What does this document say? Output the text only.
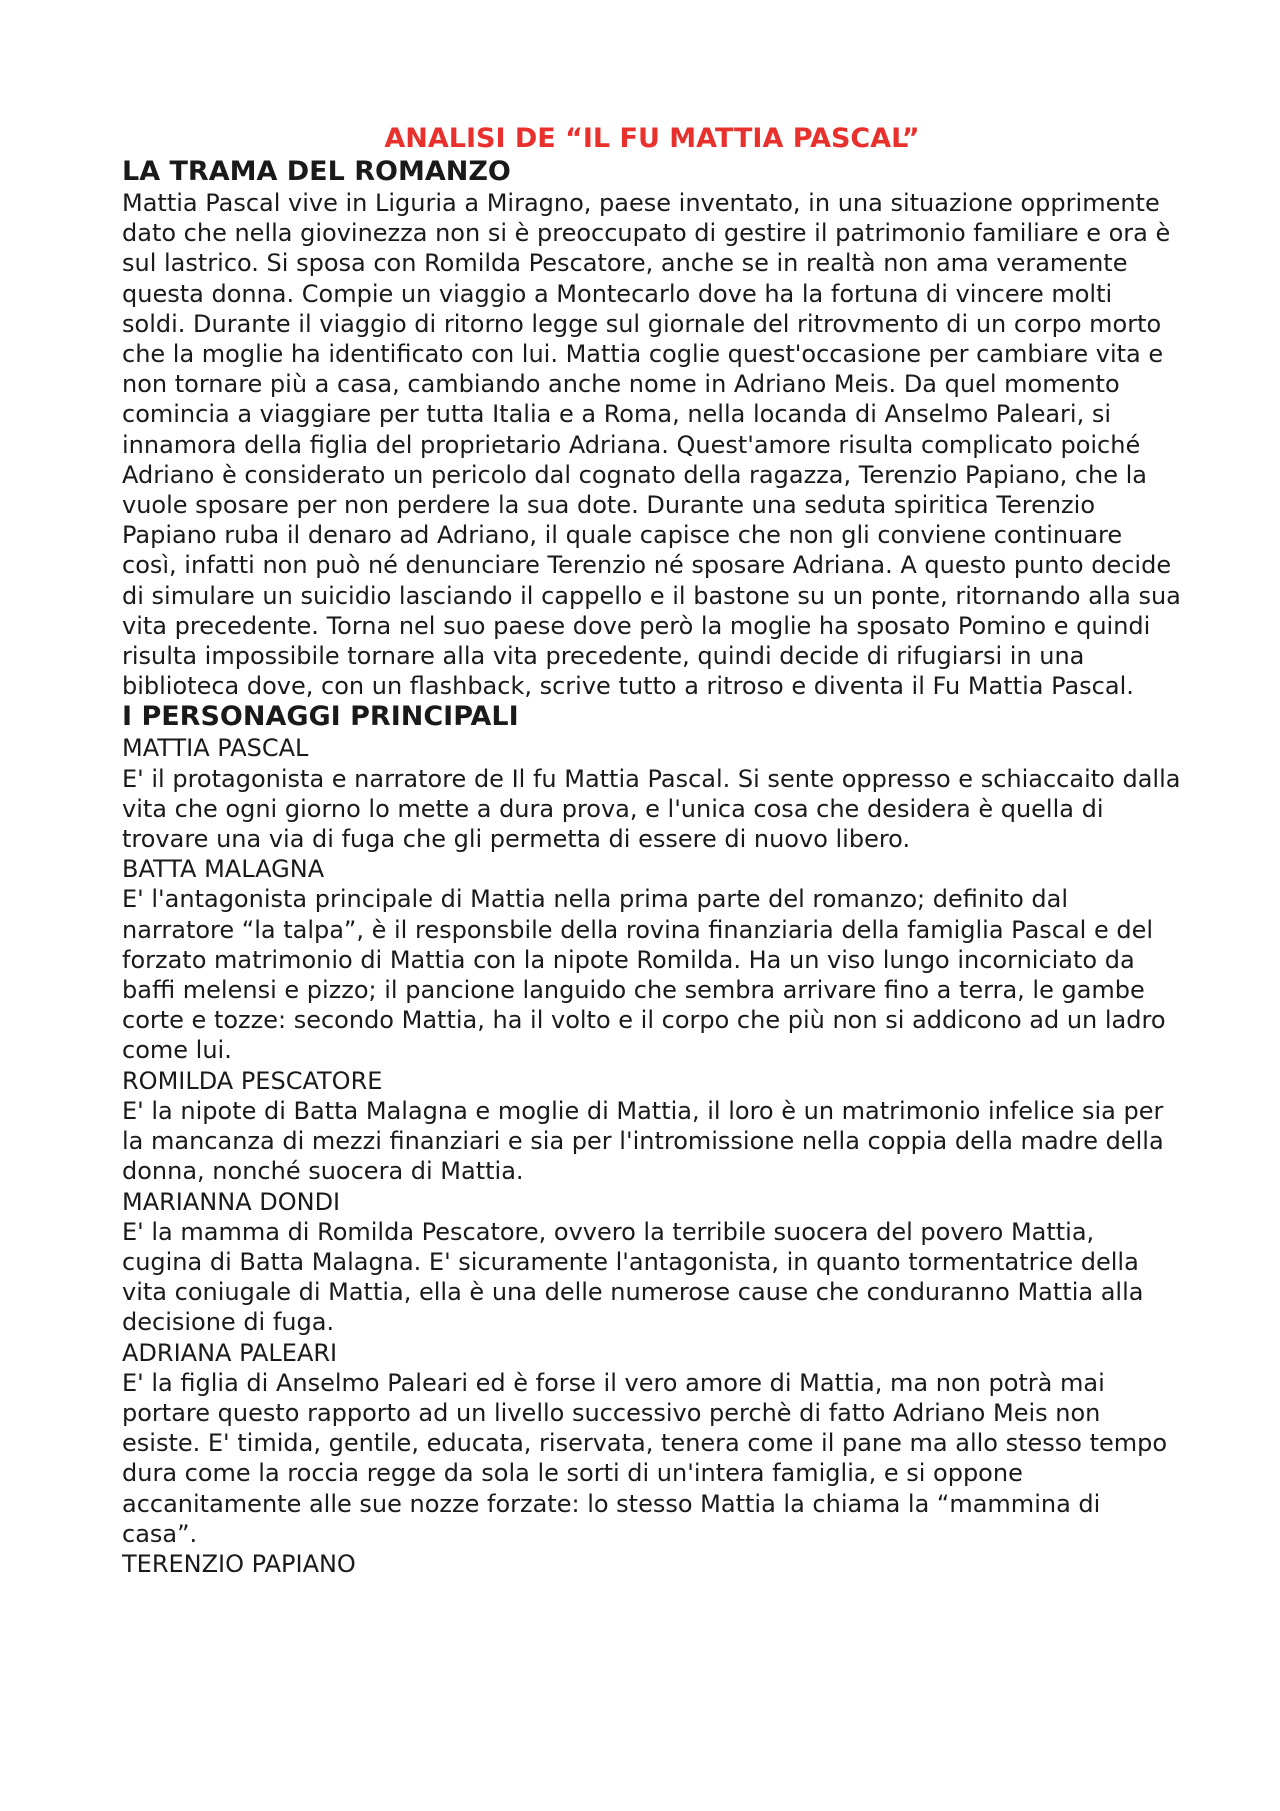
ANALISI DE “IL FU MATTIA PASCAL”
LA TRAMA DEL ROMANZO

Mattia Pascal vive in Liguria a Miragno, paese inventato, in una situazione opprimente dato che nella giovinezza non si è preoccupato di gestire il patrimonio familiare e ora è sul lastrico. Si sposa con Romilda Pescatore, anche se in realtà non ama veramente questa donna. Compie un viaggio a Montecarlo dove ha la fortuna di vincere molti soldi. Durante il viaggio di ritorno legge sul giornale del ritrovmento di un corpo morto che la moglie ha identificato con lui. Mattia coglie quest'occasione per cambiare vita e non tornare più a casa, cambiando anche nome in Adriano Meis. Da quel momento comincia a viaggiare per tutta Italia e a Roma, nella locanda di Anselmo Paleari, si innamora della figlia del proprietario Adriana. Quest'amore risulta complicato poiché Adriano è considerato un pericolo dal cognato della ragazza, Terenzio Papiano, che la vuole sposare per non perdere la sua dote. Durante una seduta spiritica Terenzio Papiano ruba il denaro ad Adriano, il quale capisce che non gli conviene continuare così, infatti non può né denunciare Terenzio né sposare Adriana. A questo punto decide di simulare un suicidio lasciando il cappello e il bastone su un ponte, ritornando alla sua vita precedente. Torna nel suo paese dove però la moglie ha sposato Pomino e quindi risulta impossibile tornare alla vita precedente, quindi decide di rifugiarsi in una biblioteca dove, con un flashback, scrive tutto a ritroso e diventa il Fu Mattia Pascal.

I PERSONAGGI PRINCIPALI

MATTIA PASCAL

E' il protagonista e narratore de Il fu Mattia Pascal. Si sente oppresso e schiaccaito dalla vita che ogni giorno lo mette a dura prova, e l'unica cosa che desidera è quella di trovare una via di fuga che gli permetta di essere di nuovo libero.

BATTA MALAGNA

E' l'antagonista principale di Mattia nella prima parte del romanzo; definito dal narratore “la talpa”, è il responsbile della rovina finanziaria della famiglia Pascal e del forzato matrimonio di Mattia con la nipote Romilda. Ha un viso lungo incorniciato da baffi melensi e pizzo; il pancione languido che sembra arrivare fino a terra, le gambe corte e tozze: secondo Mattia, ha il volto e il corpo che più non si addicono ad un ladro come lui.

ROMILDA PESCATORE

E' la nipote di Batta Malagna e moglie di Mattia, il loro è un matrimonio infelice sia per la mancanza di mezzi finanziari e sia per l'intromissione nella coppia della madre della donna, nonché suocera di Mattia.

MARIANNA DONDI

E' la mamma di Romilda Pescatore, ovvero la terribile suocera del povero Mattia, cugina di Batta Malagna. E' sicuramente l'antagonista, in quanto tormentatrice della vita coniugale di Mattia, ella è una delle numerose cause che conduranno Mattia alla decisione di fuga.

ADRIANA PALEARI

E' la figlia di Anselmo Paleari ed è forse il vero amore di Mattia, ma non potrà mai portare questo rapporto ad un livello successivo perchè di fatto Adriano Meis non esiste. E' timida, gentile, educata, riservata, tenera come il pane ma allo stesso tempo dura come la roccia regge da sola le sorti di un'intera famiglia, e si oppone accanitamente alle sue nozze forzate: lo stesso Mattia la chiama la “mammina di casa”.

TERENZIO PAPIANO
